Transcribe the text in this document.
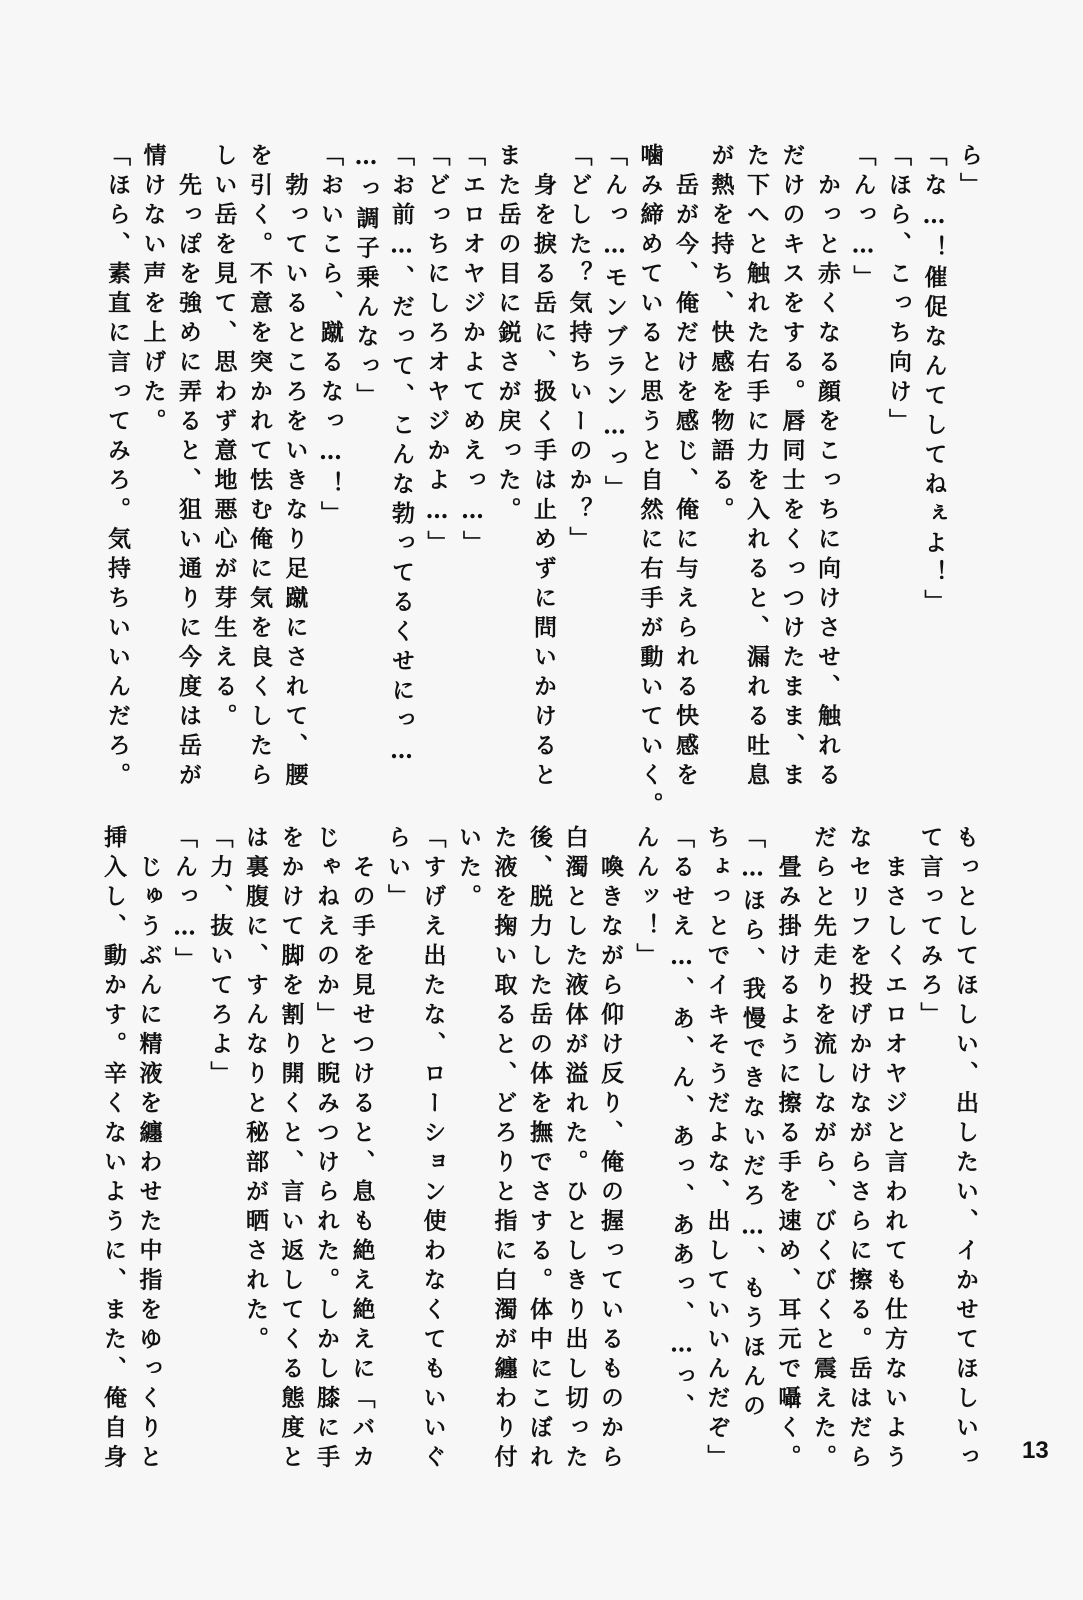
ら」
「な…！催促なんてしてねぇよ！」
「ほら、こっち向け」
「んっ…」
　かっと赤くなる顔をこっちに向けさせ、触れる
だけのキスをする。唇同士をくっつけたまま、ま
た下へと触れた右手に力を入れると、漏れる吐息
が熱を持ち、快感を物語る。
　岳が今、俺だけを感じ、俺に与えられる快感を
噛み締めていると思うと自然に右手が動いていく。
「んっ…モンブラン…っ」
「どした？気持ちいーのか？」
　身を捩る岳に、扱く手は止めずに問いかけると
また岳の目に鋭さが戻った。
「エロオヤジかよてめえっ…」
「どっちにしろオヤジかよ…」
「お前…、だって、こんな勃ってるくせにっ…
…っ調子乗んなっ」
「おいこら、蹴るなっ…！」
　勃っているところをいきなり足蹴にされて、腰
を引く。不意を突かれて怯む俺に気を良くしたら
しい岳を見て、思わず意地悪心が芽生える。
　先っぽを強めに弄ると、狙い通りに今度は岳が
情けない声を上げた。
「ほら、素直に言ってみろ。気持ちいいんだろ。
もっとしてほしい、出したい、イかせてほしいっ
て言ってみろ」
　まさしくエロオヤジと言われても仕方ないよう
なセリフを投げかけながらさらに擦る。岳はだら
だらと先走りを流しながら、びくびくと震えた。
　畳み掛けるように擦る手を速め、耳元で囁く。
「…ほら、我慢できないだろ…、もうほんの
ちょっとでイキそうだよな、出していいんだぞ」
「るせえ…、あ、ん、あっ、ああっ、…っ、
んんッ！」
　喚きながら仰け反り、俺の握っているものから
白濁とした液体が溢れた。ひとしきり出し切った
後、脱力した岳の体を撫でさする。体中にこぼれ
た液を掬い取ると、どろりと指に白濁が纏わり付
いた。
「すげえ出たな、ローション使わなくてもいいぐ
らい」
　その手を見せつけると、息も絶え絶えに「バカ
じゃねえのか」と睨みつけられた。しかし膝に手
をかけて脚を割り開くと、言い返してくる態度と
は裏腹に、すんなりと秘部が晒された。
「力、抜いてろよ」
「んっ…」
　じゅうぶんに精液を纏わせた中指をゆっくりと
挿入し、動かす。辛くないように、また、俺自身	13
